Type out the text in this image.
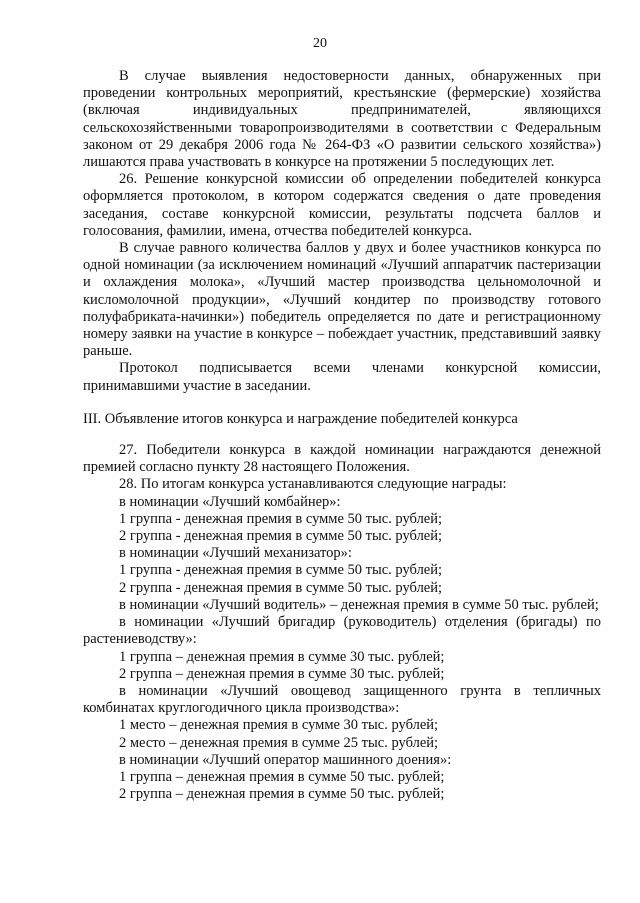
20

В случае выявления недостоверности данных, обнаруженных при проведении контрольных мероприятий, крестьянские (фермерские) хозяйства (включая индивидуальных предпринимателей, являющихся сельскохозяйственными товаропроизводителями в соответствии с Федеральным законом от 29 декабря 2006 года № 264-ФЗ «О развитии сельского хозяйства») лишаются права участвовать в конкурсе на протяжении 5 последующих лет.

26. Решение конкурсной комиссии об определении победителей конкурса оформляется протоколом, в котором содержатся сведения о дате проведения заседания, составе конкурсной комиссии, результаты подсчета баллов и голосования, фамилии, имена, отчества победителей конкурса.

В случае равного количества баллов у двух и более участников конкурса по одной номинации (за исключением номинаций «Лучший аппаратчик пастеризации и охлаждения молока», «Лучший мастер производства цельномолочной и кисломолочной продукции», «Лучший кондитер по производству готового полуфабриката-начинки») победитель определяется по дате и регистрационному номеру заявки на участие в конкурсе – побеждает участник, представивший заявку раньше.

Протокол подписывается всеми членами конкурсной комиссии, принимавшими участие в заседании.

III. Объявление итогов конкурса и награждение победителей конкурса

27. Победители конкурса в каждой номинации награждаются денежной премией согласно пункту 28 настоящего Положения.

28. По итогам конкурса устанавливаются следующие награды:

в номинации «Лучший комбайнер»:

1 группа - денежная премия в сумме 50 тыс. рублей;

2 группа - денежная премия в сумме 50 тыс. рублей;

в номинации «Лучший механизатор»:

1 группа - денежная премия в сумме 50 тыс. рублей;

2 группа - денежная премия в сумме 50 тыс. рублей;

в номинации «Лучший водитель» – денежная премия в сумме 50 тыс. рублей;

в номинации «Лучший бригадир (руководитель) отделения (бригады) по растениеводству»:

1 группа – денежная премия в сумме 30 тыс. рублей;

2 группа – денежная премия в сумме 30 тыс. рублей;

в номинации «Лучший овощевод защищенного грунта в тепличных комбинатах круглогодичного цикла производства»:

1 место – денежная премия в сумме 30 тыс. рублей;

2 место – денежная премия в сумме 25 тыс. рублей;

в номинации «Лучший оператор машинного доения»:

1 группа – денежная премия в сумме 50 тыс. рублей;

2 группа – денежная премия в сумме 50 тыс. рублей;
